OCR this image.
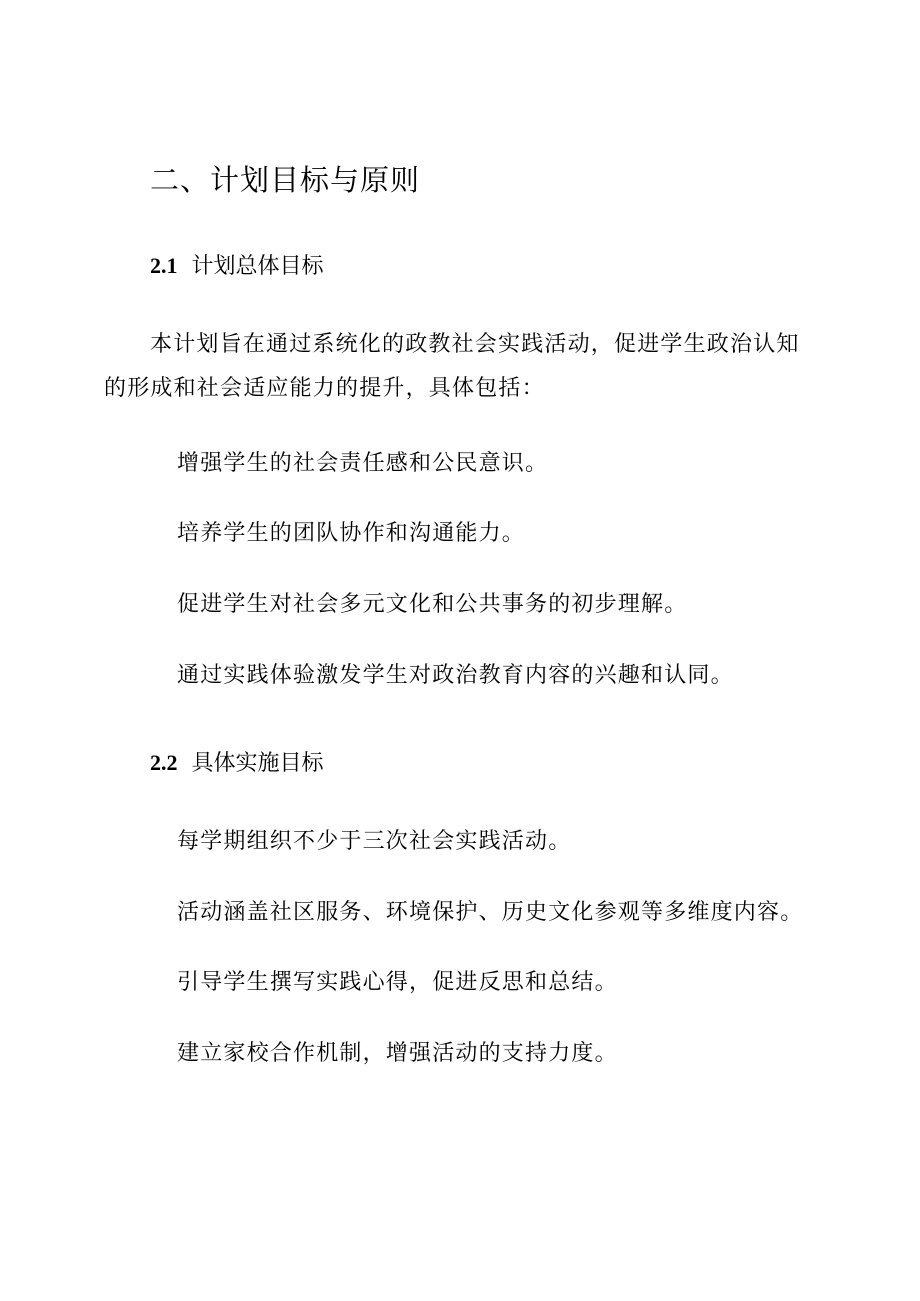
二、计划目标与原则
2.1 计划总体目标
本计划旨在通过系统化的政教社会实践活动，促进学生政治认知的形成和社会适应能力的提升，具体包括：
增强学生的社会责任感和公民意识。
培养学生的团队协作和沟通能力。
促进学生对社会多元文化和公共事务的初步理解。
通过实践体验激发学生对政治教育内容的兴趣和认同。
2.2 具体实施目标
每学期组织不少于三次社会实践活动。
活动涵盖社区服务、环境保护、历史文化参观等多维度内容。
引导学生撰写实践心得，促进反思和总结。
建立家校合作机制，增强活动的支持力度。
